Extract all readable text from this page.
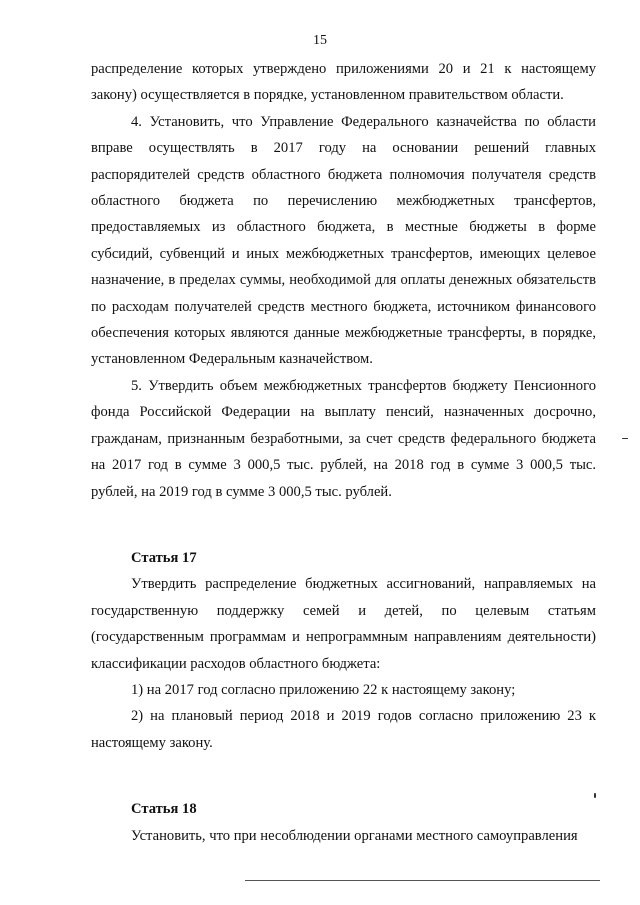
15

распределение которых утверждено приложениями 20 и 21 к настоящему закону) осуществляется в порядке, установленном правительством области.

4. Установить, что Управление Федерального казначейства по области вправе осуществлять в 2017 году на основании решений главных распорядителей средств областного бюджета полномочия получателя средств областного бюджета по перечислению межбюджетных трансфертов, предоставляемых из областного бюджета, в местные бюджеты в форме субсидий, субвенций и иных межбюджетных трансфертов, имеющих целевое назначение, в пределах суммы, необходимой для оплаты денежных обязательств по расходам получателей средств местного бюджета, источником финансового обеспечения которых являются данные межбюджетные трансферты, в порядке, установленном Федеральным казначейством.

5. Утвердить объем межбюджетных трансфертов бюджету Пенсионного фонда Российской Федерации на выплату пенсий, назначенных досрочно, гражданам, признанным безработными, за счет средств федерального бюджета на 2017 год в сумме 3 000,5 тыс. рублей, на 2018 год в сумме 3 000,5 тыс. рублей, на 2019 год в сумме 3 000,5 тыс. рублей.

Статья 17

Утвердить распределение бюджетных ассигнований, направляемых на государственную поддержку семей и детей, по целевым статьям (государственным программам и непрограммным направлениям деятельности) классификации расходов областного бюджета:

1) на 2017 год согласно приложению 22 к настоящему закону;

2) на плановый период 2018 и 2019 годов согласно приложению 23 к настоящему закону.

Статья 18

Установить, что при несоблюдении органами местного самоуправления
